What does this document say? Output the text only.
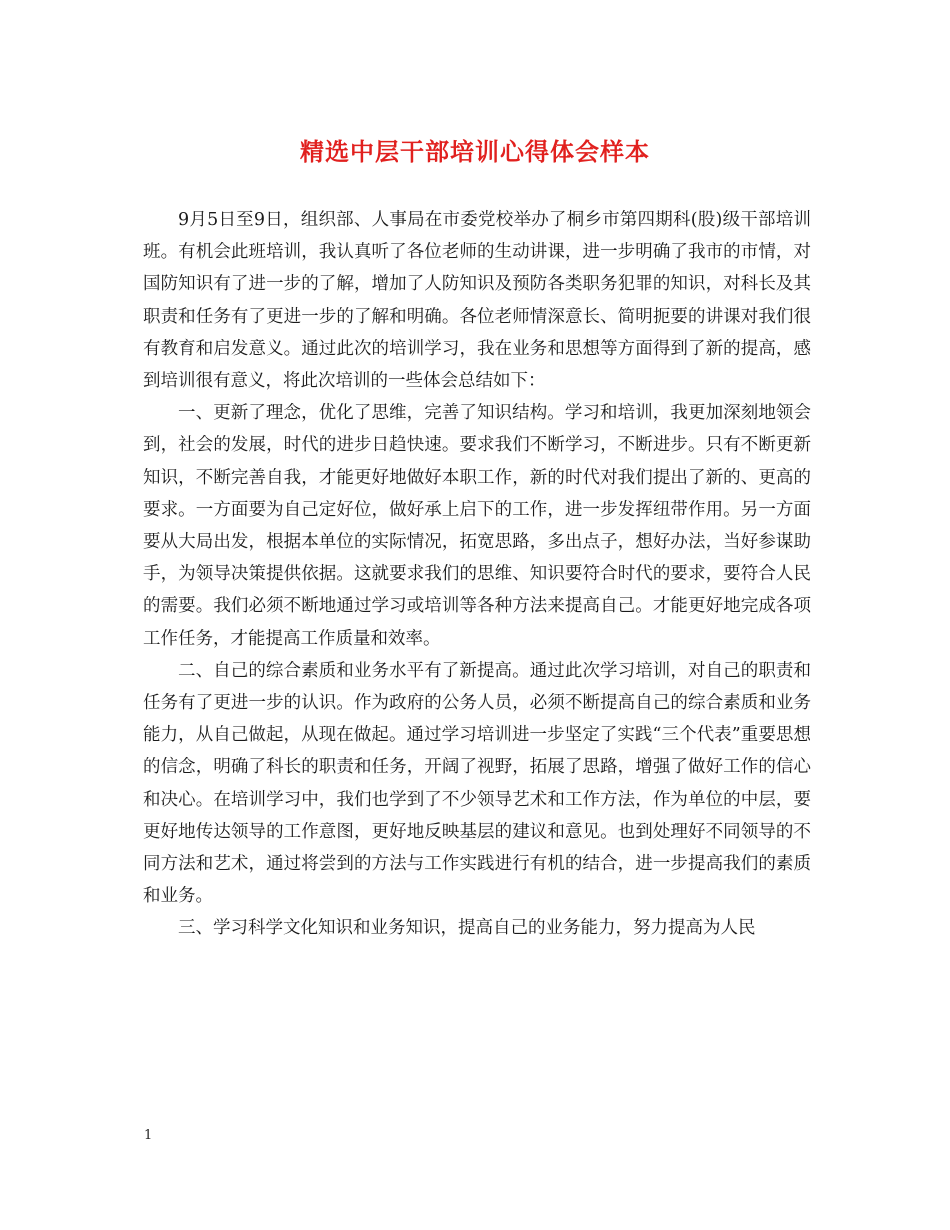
精选中层干部培训心得体会样本

9月5日至9日，组织部、人事局在市委党校举办了桐乡市第四期科(股)级干部培训班。有机会此班培训，我认真听了各位老师的生动讲课，进一步明确了我市的市情，对国防知识有了进一步的了解，增加了人防知识及预防各类职务犯罪的知识，对科长及其职责和任务有了更进一步的了解和明确。各位老师情深意长、简明扼要的讲课对我们很有教育和启发意义。通过此次的培训学习，我在业务和思想等方面得到了新的提高，感到培训很有意义，将此次培训的一些体会总结如下：

一、更新了理念，优化了思维，完善了知识结构。学习和培训，我更加深刻地领会到，社会的发展，时代的进步日趋快速。要求我们不断学习，不断进步。只有不断更新知识，不断完善自我，才能更好地做好本职工作，新的时代对我们提出了新的、更高的要求。一方面要为自己定好位，做好承上启下的工作，进一步发挥纽带作用。另一方面要从大局出发，根据本单位的实际情况，拓宽思路，多出点子，想好办法，当好参谋助手，为领导决策提供依据。这就要求我们的思维、知识要符合时代的要求，要符合人民的需要。我们必须不断地通过学习或培训等各种方法来提高自己。才能更好地完成各项工作任务，才能提高工作质量和效率。

二、自己的综合素质和业务水平有了新提高。通过此次学习培训，对自己的职责和任务有了更进一步的认识。作为政府的公务人员，必须不断提高自己的综合素质和业务能力，从自己做起，从现在做起。通过学习培训进一步坚定了实践“三个代表”重要思想的信念，明确了科长的职责和任务，开阔了视野，拓展了思路，增强了做好工作的信心和决心。在培训学习中，我们也学到了不少领导艺术和工作方法，作为单位的中层，要更好地传达领导的工作意图，更好地反映基层的建议和意见。也到处理好不同领导的不同方法和艺术，通过将尝到的方法与工作实践进行有机的结合，进一步提高我们的素质和业务。

三、学习科学文化知识和业务知识，提高自己的业务能力，努力提高为人民

1
